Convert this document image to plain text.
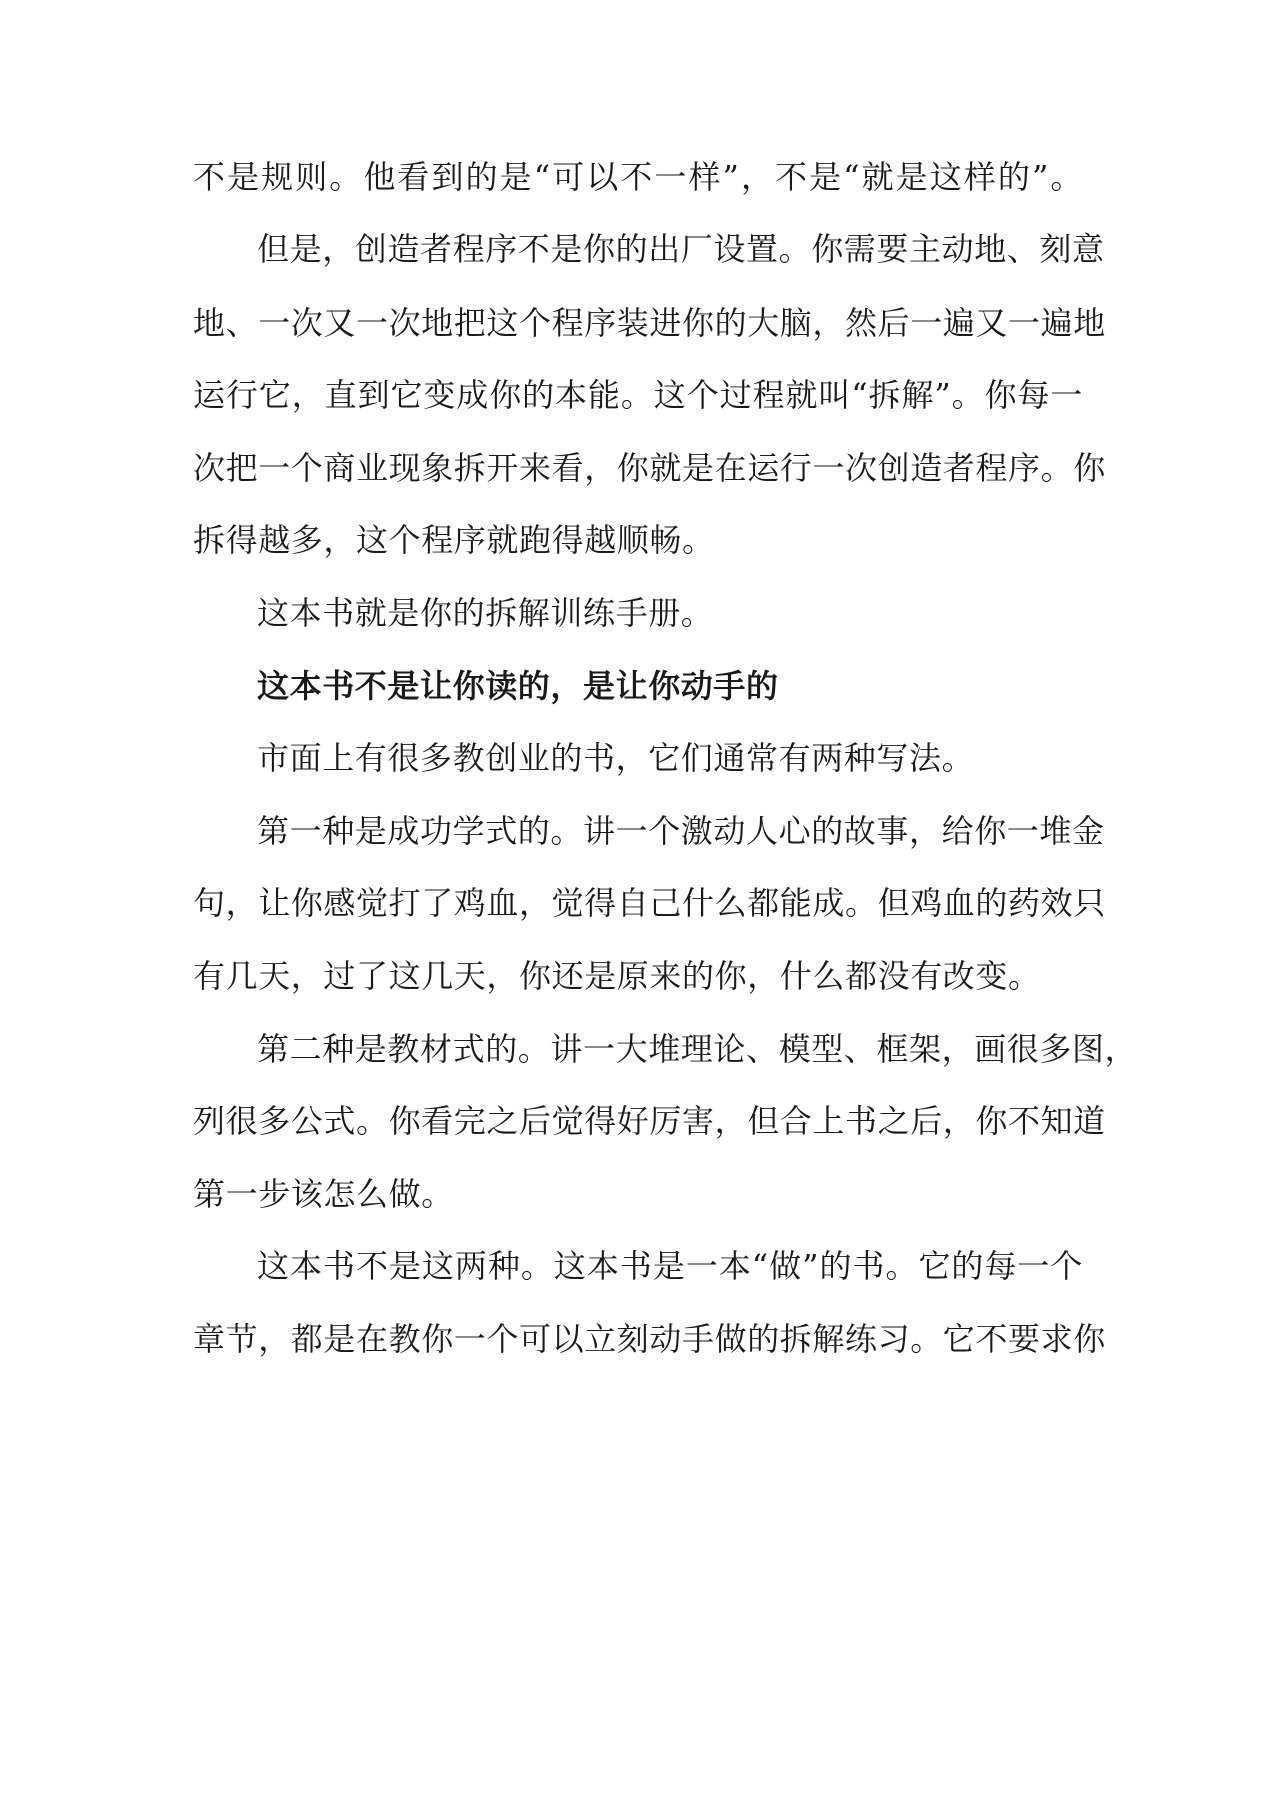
不是规则。他看到的是“可以不一样”，不是“就是这样的”。
但是，创造者程序不是你的出厂设置。你需要主动地、刻意
地、一次又一次地把这个程序装进你的大脑，然后一遍又一遍地
运行它，直到它变成你的本能。这个过程就叫“拆解”。你每一
次把一个商业现象拆开来看，你就是在运行一次创造者程序。你
拆得越多，这个程序就跑得越顺畅。
这本书就是你的拆解训练手册。
这本书不是让你读的，是让你动手的
市面上有很多教创业的书，它们通常有两种写法。
第一种是成功学式的。讲一个激动人心的故事，给你一堆金
句，让你感觉打了鸡血，觉得自己什么都能成。但鸡血的药效只
有几天，过了这几天，你还是原来的你，什么都没有改变。
第二种是教材式的。讲一大堆理论、模型、框架，画很多图，
列很多公式。你看完之后觉得好厉害，但合上书之后，你不知道
第一步该怎么做。
这本书不是这两种。这本书是一本“做”的书。它的每一个
章节，都是在教你一个可以立刻动手做的拆解练习。它不要求你
